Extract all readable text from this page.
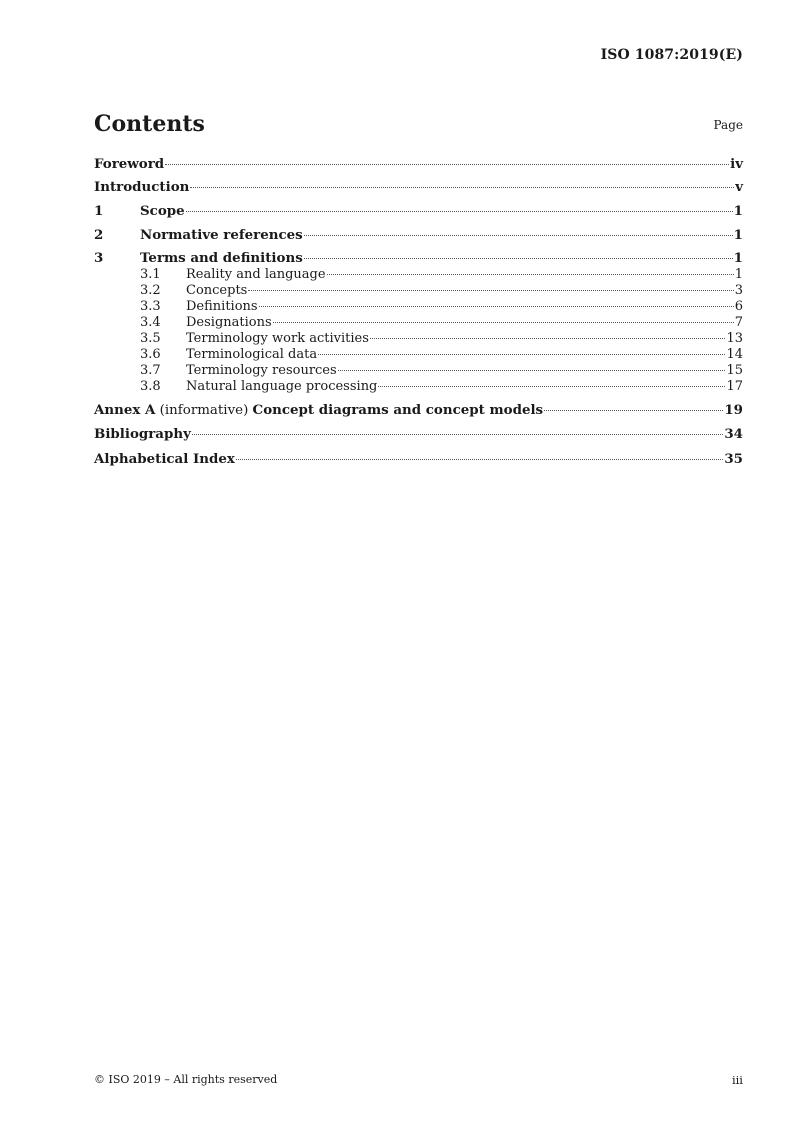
ISO 1087:2019(E)
Contents	Page
Foreword	iv
Introduction	v
1	Scope	1
2	Normative references	1
3	Terms and definitions	1
3.1	Reality and language	1
3.2	Concepts	3
3.3	Definitions	6
3.4	Designations	7
3.5	Terminology work activities	13
3.6	Terminological data	14
3.7	Terminology resources	15
3.8	Natural language processing	17
Annex A (informative) Concept diagrams and concept models	19
Bibliography	34
Alphabetical Index	35
© ISO 2019 – All rights reserved	iii
